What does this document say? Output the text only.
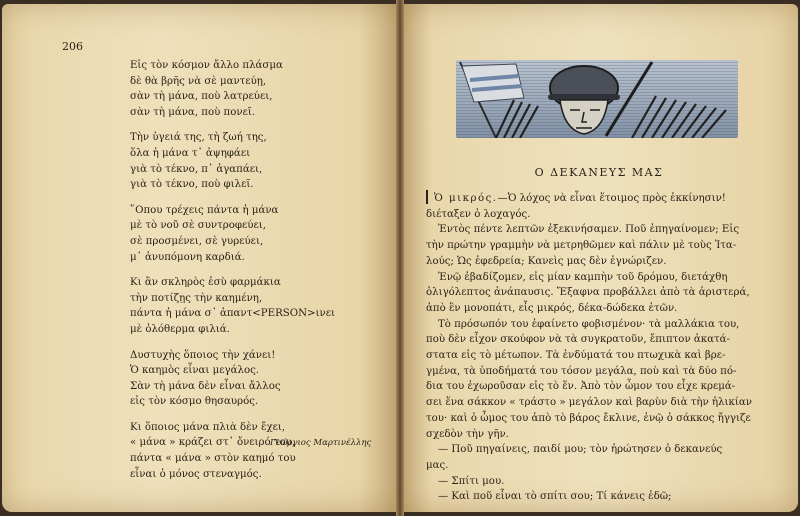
206
Εἰς τὸν κόσμον ἄλλο πλάσμα
δὲ θὰ βρῆς νὰ σὲ μαντεύῃ,
σὰν τὴ μάνα, ποὺ λατρεύει,
σὰν τὴ μάνα, ποὺ πονεῖ.
Τὴν ὑγειά της, τὴ ζωή της,
ὅλα ἡ μάνα τ᾿ ἀψηφάει
γιὰ τὸ τέκνο, π᾿ ἀγαπάει,
γιὰ τὸ τέκνο, ποὺ φιλεῖ.
῞Οπου τρέχεις πάντα ἡ μάνα
μὲ τὸ νοῦ σὲ συντροφεύει,
σὲ προσμένει, σὲ γυρεύει,
μ᾿ ἀνυπόμονη καρδιά.
Κι ἂν σκληρὸς ἐσὺ φαρμάκια
τὴν ποτίζῃς τὴν καημένη,
πάντα ἡ μάνα σ᾿ ἀπαντ<PERSON>ινει
μὲ ὁλόθερμα φιλιά.
Δυστυχὴς ὅποιος τὴν χάνει!
Ὁ καημὸς εἶναι μεγάλος.
Σὰν τὴ μάνα δὲν εἶναι ἄλλος
εἰς τὸν κόσμο θησαυρός.
Κι ὅποιος μάνα πλιὰ δὲν ἔχει,
« μάνα » κράζει στ᾿ ὄνειρό του,
πάντα « μάνα » στὸν καημό του
εἶναι ὁ μόνος στεναγμός.
Γεώργιος Μαρτινέλλης
Ο ΔΕΚΑΝΕΥΣ ΜΑΣ
Ὁ μικρός.—Ὁ λόχος νὰ εἶναι ἕτοιμος πρὸς ἐκκίνησιν!
διέταξεν ὁ λοχαγός.
Ἐντὸς πέντε λεπτῶν ἐξεκινήσαμεν. Ποῦ ἐπηγαίνομεν; Εἰς
τὴν πρώτην γραμμὴν νὰ μετρηθῶμεν καὶ πάλιν μὲ τοὺς Ἰτα-
λούς; Ὡς ἐφεδρεία; Κανεὶς μας δὲν ἐγνώριζεν.
Ἐνῷ ἐβαδίζομεν, εἰς μίαν καμπὴν τοῦ δρόμου, διετάχθη
ὀλιγόλεπτος ἀνάπαυσις. Ἔξαφνα προβάλλει ἀπὸ τὰ ἀριστερά,
ἀπὸ ἓν μονοπάτι, εἷς μικρός, δέκα-δώδεκα ἐτῶν.
Τὸ πρόσωπόν του ἐφαίνετο φοβισμένον· τὰ μαλλάκια του,
ποὺ δὲν εἶχον σκούφον νὰ τὰ συγκρατοῦν, ἔπιπτον ἀκατά-
στατα εἰς τὸ μέτωπον. Τὰ ἐνδύματά του πτωχικὰ καὶ βρε-
γμένα, τὰ ὑποδήματά του τόσον μεγάλα, ποὺ καὶ τὰ δύο πό-
δια του ἐχωροῦσαν εἰς τὸ ἕν. Ἀπὸ τὸν ὦμον του εἶχε κρεμά-
σει ἕνα σάκκον « τράστο » μεγάλον καὶ βαρὺν διὰ τὴν ἡλικίαν
του· καὶ ὁ ὦμος του ἀπὸ τὸ βάρος ἔκλινε, ἐνῷ ὁ σάκκος ἤγγιζε
σχεδὸν τὴν γῆν.
— Ποῦ πηγαίνεις, παιδί μου; τὸν ἠρώτησεν ὁ δεκανεύς
μας.
— Σπίτι μου.
— Καὶ ποῦ εἶναι τὸ σπίτι σου; Τί κάνεις ἐδῶ;
